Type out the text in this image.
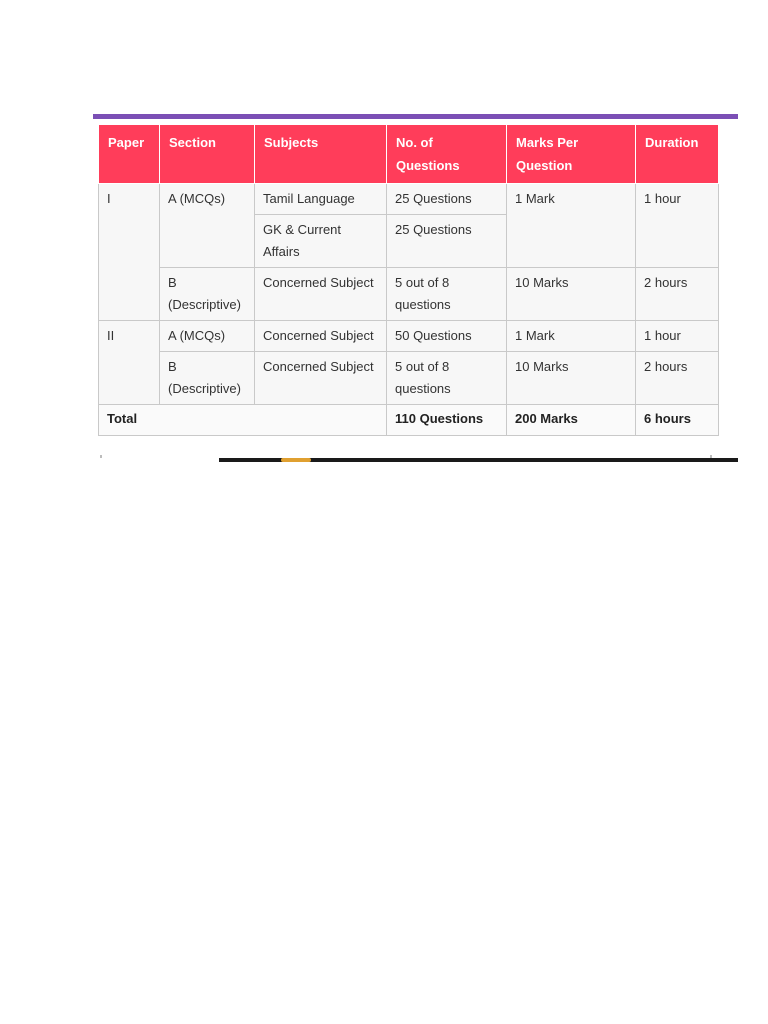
Paper	Section	Subjects	No. of Questions	Marks Per Question	Duration
I	A (MCQs)	Tamil Language	25 Questions	1 Mark	1 hour
		GK & Current Affairs	25 Questions		
	B (Descriptive)	Concerned Subject	5 out of 8 questions	10 Marks	2 hours
II	A (MCQs)	Concerned Subject	50 Questions	1 Mark	1 hour
	B (Descriptive)	Concerned Subject	5 out of 8 questions	10 Marks	2 hours
Total			110 Questions	200 Marks	6 hours
